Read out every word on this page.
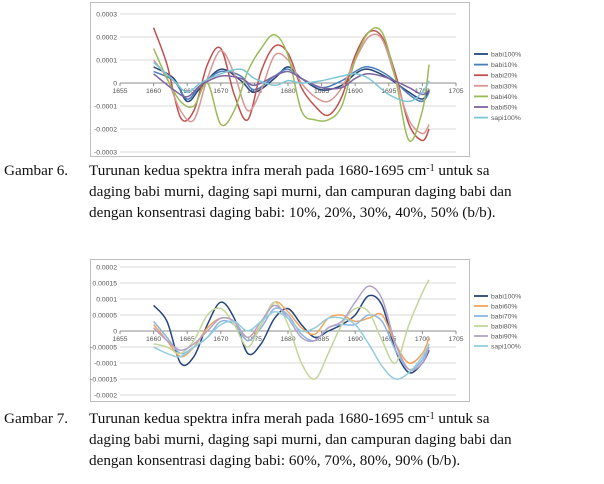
-0.0003
-0.0002
-0.0001
0
0.0001
0.0002
0.0003
1655	1660	1665	1670	1675	1680	1685	1690	1695	1700	1705
babi100%
babi10%
babi20%
babi30%
babi40%
babi50%
sapi100%
Gambar 6.	Turunan kedua spektra infra merah pada 1680-1695 $cm^{-1}$ untuk sa
daging babi murni, daging sapi murni, dan campuran daging babi dan
dengan konsentrasi daging babi: 10%, 20%, 30%, 40%, 50% (b/b).
-0.0002
-0.00015
-0.0001
-0.00005
0
0.00005
0.0001
0.00015
0.0002
1655	1660	1665	1670	1675	1680	1685	1690	1695	1700	1705
babi100%
babi60%
babi70%
babi80%
babi90%
sapi100%
Gambar 7.	Turunan kedua spektra infra merah pada 1680-1695 $cm^{-1}$ untuk sa
daging babi murni, daging sapi murni, dan campuran daging babi dan
dengan konsentrasi daging babi: 60%, 70%, 80%, 90% (b/b).
